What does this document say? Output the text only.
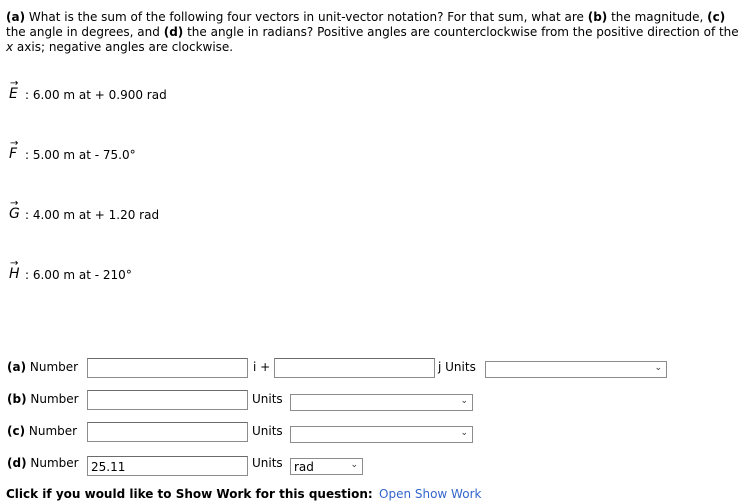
(a) What is the sum of the following four vectors in unit-vector notation? For that sum, what are (b) the magnitude, (c) the angle in degrees, and (d) the angle in radians? Positive angles are counterclockwise from the positive direction of the x axis; negative angles are clockwise.
E
→
: 6.00 m at + 0.900 rad
F
→
: 5.00 m at - 75.0°
G
→
: 4.00 m at + 1.20 rad
H
→
: 6.00 m at - 210°
(a) Number	i +	j Units	⌄
(b) Number	Units	⌄
(c) Number	Units	⌄
(d) Number	25.11	Units rad	⌄
Click if you would like to Show Work for this question: Open Show Work
